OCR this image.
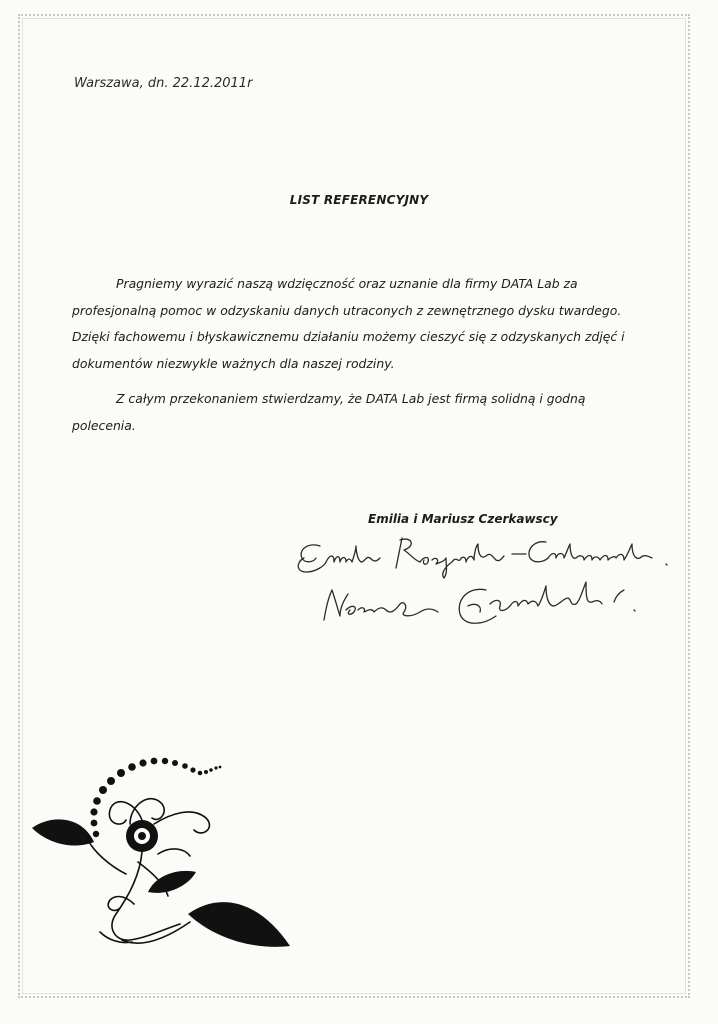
Warszawa, dn. 22.12.2011r
LIST REFERENCYJNY

Pragniemy wyrazić naszą wdzięczność oraz uznanie dla firmy DATA Lab za

profesjonalną pomoc w odzyskaniu danych utraconych z zewnętrznego dysku twardego.

Dzięki fachowemu i błyskawicznemu działaniu możemy cieszyć się z odzyskanych zdjęć i

dokumentów niezwykle ważnych dla naszej rodziny.

Z całym przekonaniem stwierdzamy, że DATA Lab jest firmą solidną i godną polecenia.

Emilia i Mariusz Czerkawscy
